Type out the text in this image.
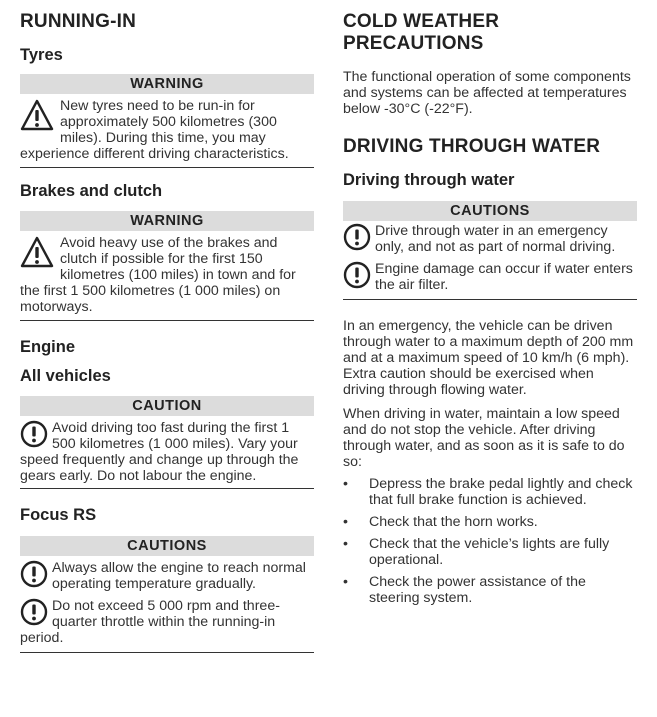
RUNNING-IN
Tyres
WARNING
New tyres need to be run-in for approximately 500 kilometres (300 miles). During this time, you may experience different driving characteristics.
Brakes and clutch
WARNING
Avoid heavy use of the brakes and clutch if possible for the first 150 kilometres (100 miles) in town and for the first 1 500 kilometres (1 000 miles) on motorways.
Engine
All vehicles
CAUTION
Avoid driving too fast during the first 1 500 kilometres (1 000 miles). Vary your speed frequently and change up through the gears early. Do not labour the engine.
Focus RS
CAUTIONS
Always allow the engine to reach normal operating temperature gradually.
Do not exceed 5 000 rpm and three-quarter throttle within the running-in period.
COLD WEATHER PRECAUTIONS

The functional operation of some components and systems can be affected at temperatures below -30°C (-22°F).

DRIVING THROUGH WATER
Driving through water
CAUTIONS
Drive through water in an emergency only, and not as part of normal driving.
Engine damage can occur if water enters the air filter.

In an emergency, the vehicle can be driven through water to a maximum depth of 200 mm and at a maximum speed of 10 km/h (6 mph). Extra caution should be exercised when driving through flowing water.

When driving in water, maintain a low speed and do not stop the vehicle. After driving through water, and as soon as it is safe to do so:

• Depress the brake pedal lightly and check that full brake function is achieved.
• Check that the horn works.
• Check that the vehicle’s lights are fully operational.
• Check the power assistance of the steering system.
